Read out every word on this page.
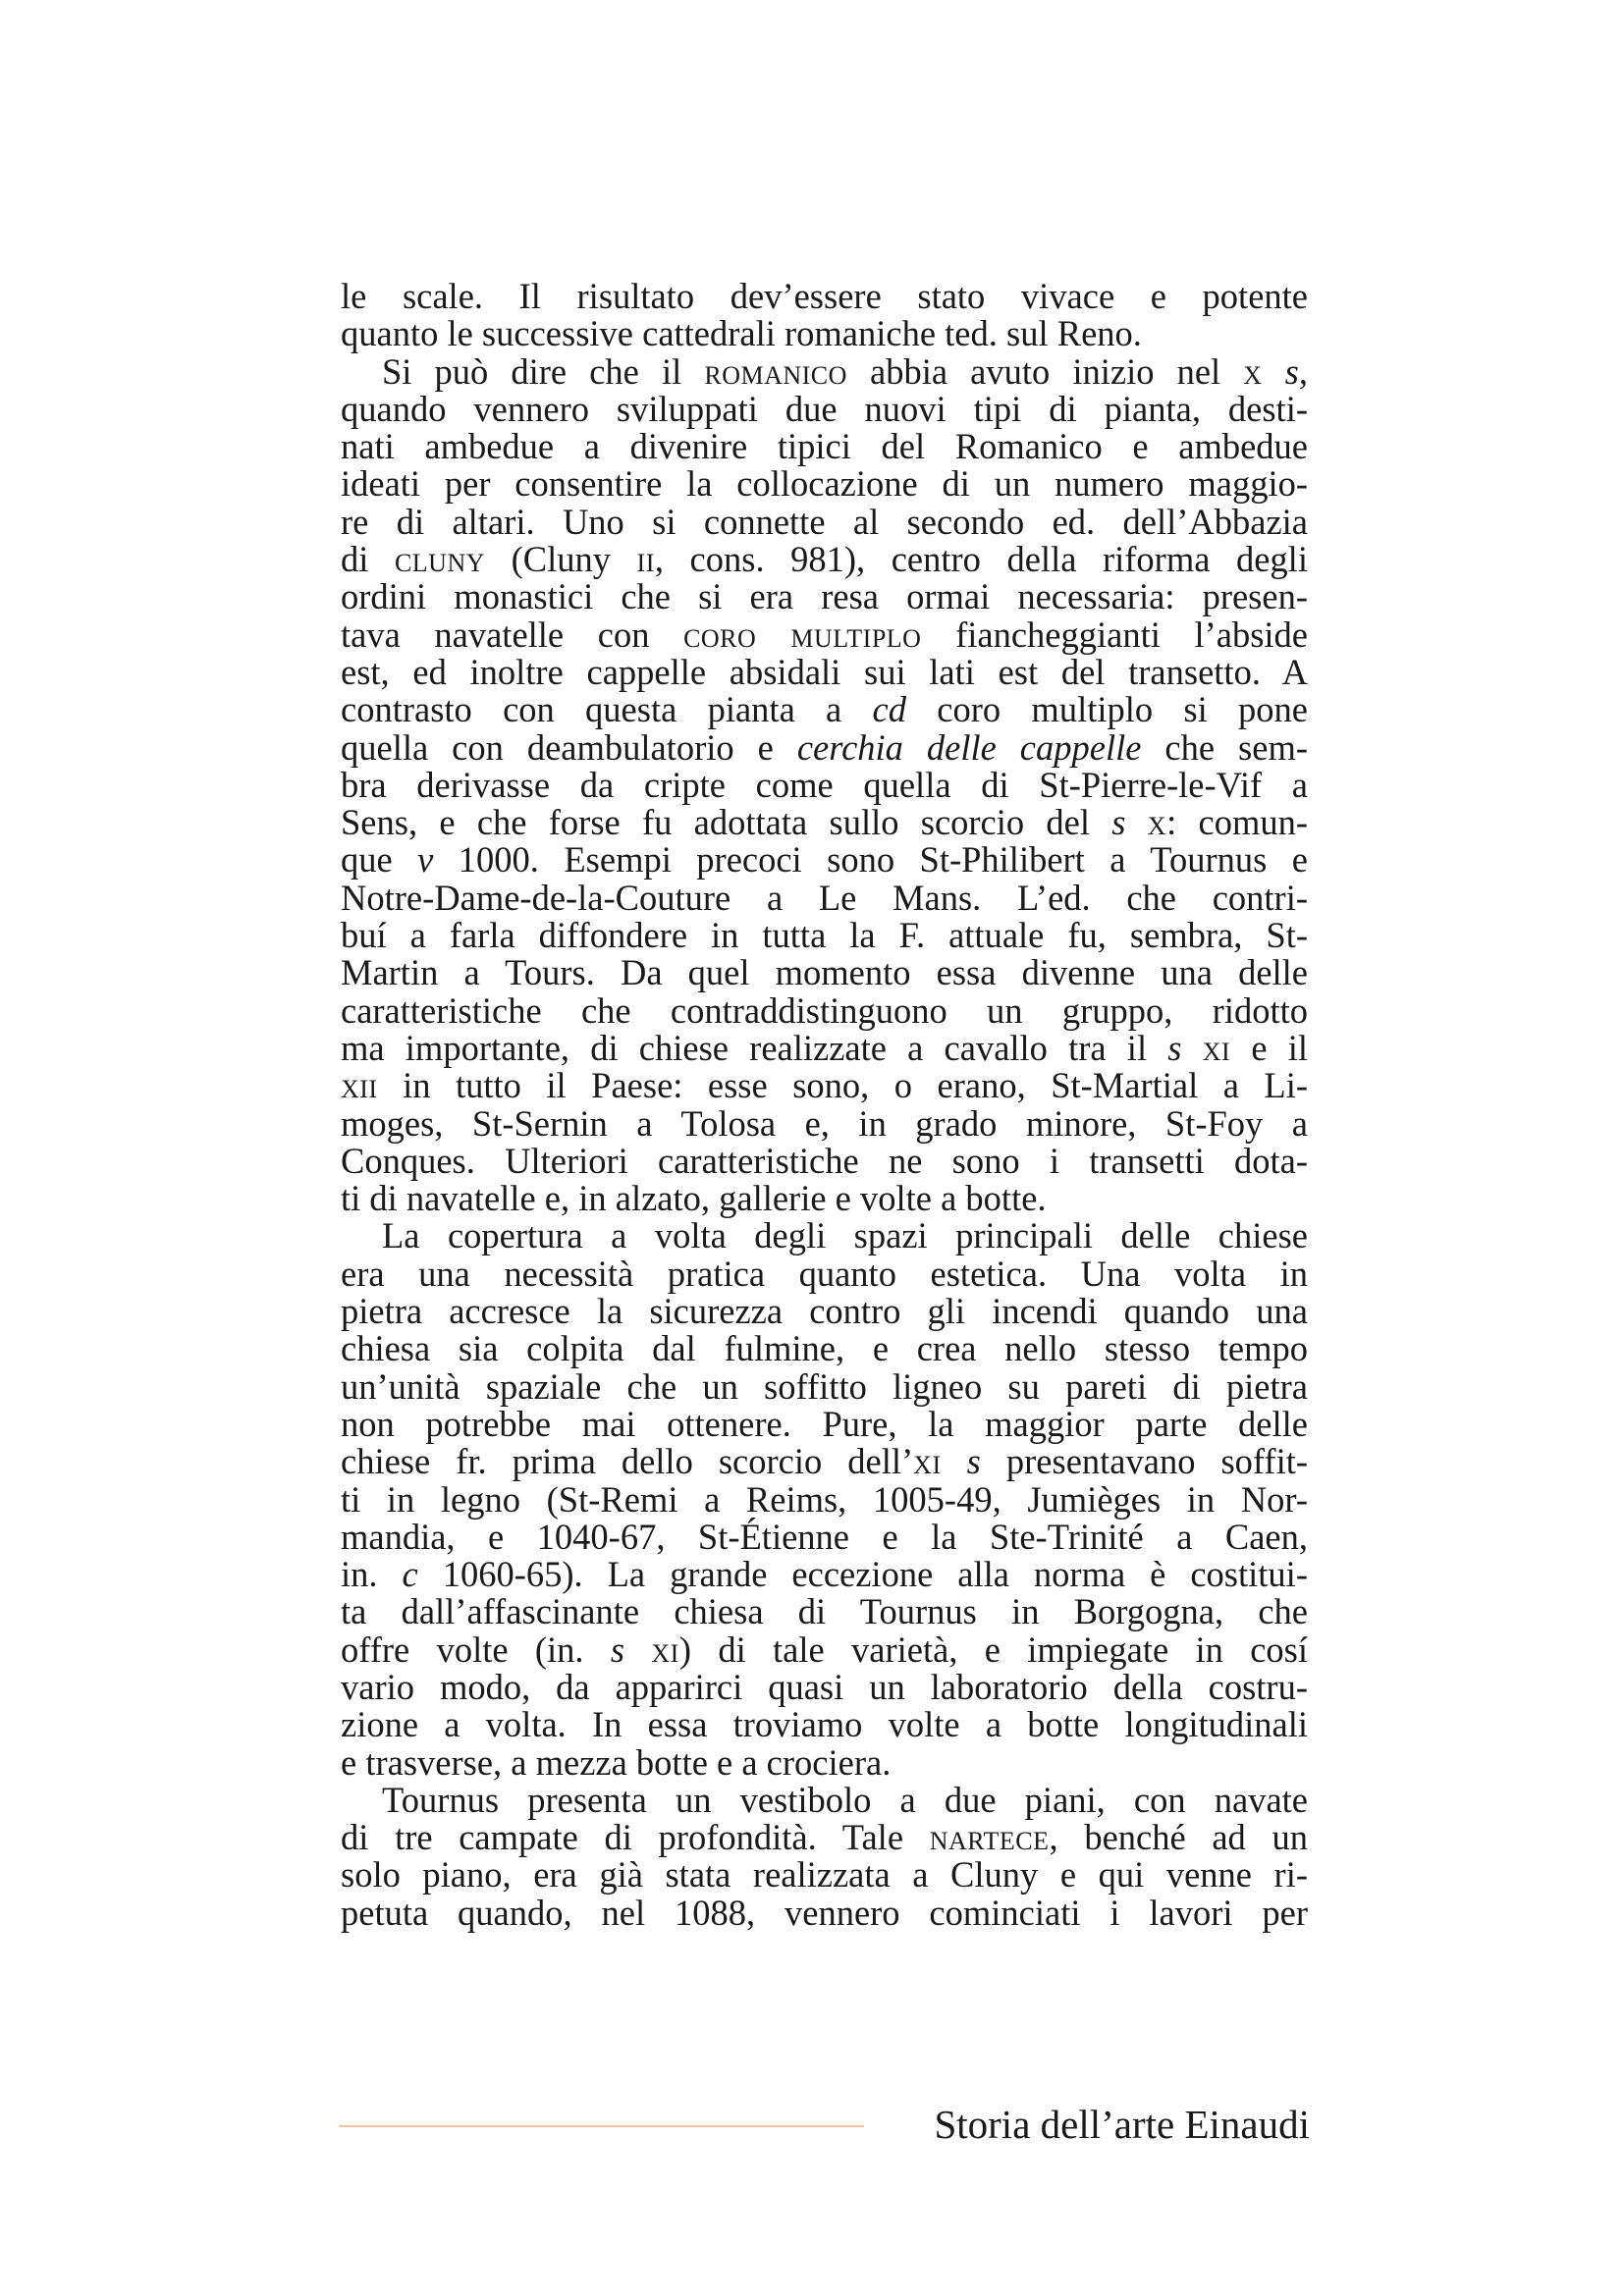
le scale. Il risultato dev’essere stato vivace e potente
quanto le successive cattedrali romaniche ted. sul Reno.
Si può dire che il romanico abbia avuto inizio nel x s,
quando vennero sviluppati due nuovi tipi di pianta, desti-
nati ambedue a divenire tipici del Romanico e ambedue
ideati per consentire la collocazione di un numero maggio-
re di altari. Uno si connette al secondo ed. dell’Abbazia
di cluny (Cluny ii, cons. 981), centro della riforma degli
ordini monastici che si era resa ormai necessaria: presen-
tava navatelle con coro multiplo fiancheggianti l’abside
est, ed inoltre cappelle absidali sui lati est del transetto. A
contrasto con questa pianta a cd coro multiplo si pone
quella con deambulatorio e cerchia delle cappelle che sem-
bra derivasse da cripte come quella di St-Pierre-le-Vif a
Sens, e che forse fu adottata sullo scorcio del s x: comun-
que v 1000. Esempi precoci sono St-Philibert a Tournus e
Notre-Dame-de-la-Couture a Le Mans. L’ed. che contri-
buí a farla diffondere in tutta la F. attuale fu, sembra, St-
Martin a Tours. Da quel momento essa divenne una delle
caratteristiche che contraddistinguono un gruppo, ridotto
ma importante, di chiese realizzate a cavallo tra il s xi e il
xii in tutto il Paese: esse sono, o erano, St-Martial a Li-
moges, St-Sernin a Tolosa e, in grado minore, St-Foy a
Conques. Ulteriori caratteristiche ne sono i transetti dota-
ti di navatelle e, in alzato, gallerie e volte a botte.
La copertura a volta degli spazi principali delle chiese
era una necessità pratica quanto estetica. Una volta in
pietra accresce la sicurezza contro gli incendi quando una
chiesa sia colpita dal fulmine, e crea nello stesso tempo
un’unità spaziale che un soffitto ligneo su pareti di pietra
non potrebbe mai ottenere. Pure, la maggior parte delle
chiese fr. prima dello scorcio dell’xi s presentavano soffit-
ti in legno (St-Remi a Reims, 1005-49, Jumièges in Nor-
mandia, e 1040-67, St-Étienne e la Ste-Trinité a Caen,
in. c 1060-65). La grande eccezione alla norma è costitui-
ta dall’affascinante chiesa di Tournus in Borgogna, che
offre volte (in. s xi) di tale varietà, e impiegate in cosí
vario modo, da apparirci quasi un laboratorio della costru-
zione a volta. In essa troviamo volte a botte longitudinali
e trasverse, a mezza botte e a crociera.
Tournus presenta un vestibolo a due piani, con navate
di tre campate di profondità. Tale nartece, benché ad un
solo piano, era già stata realizzata a Cluny e qui venne ri-
petuta quando, nel 1088, vennero cominciati i lavori per
Storia dell’arte Einaudi
